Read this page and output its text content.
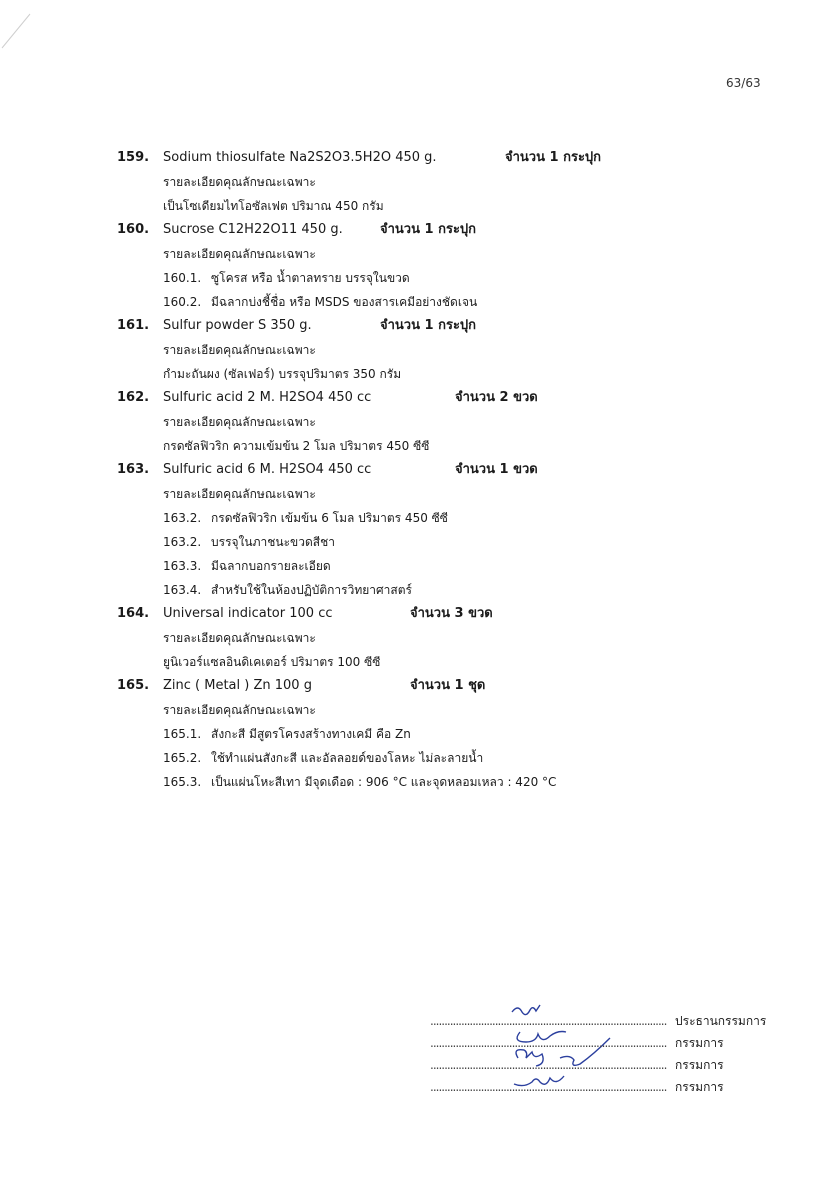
63/63
159. Sodium thiosulfate Na2S2O3.5H2O 450 g.	จำนวน 1 กระปุก
รายละเอียดคุณลักษณะเฉพาะ
เป็นโซเดียมไทโอซัลเฟต ปริมาณ 450 กรัม
160. Sucrose C12H22O11 450 g.	จำนวน 1 กระปุก
รายละเอียดคุณลักษณะเฉพาะ
160.1. ซูโครส หรือ น้ำตาลทราย บรรจุในขวด
160.2. มีฉลากบ่งชี้ชื่อ หรือ MSDS ของสารเคมีอย่างชัดเจน
161. Sulfur powder S 350 g.	จำนวน 1 กระปุก
รายละเอียดคุณลักษณะเฉพาะ
กำมะถันผง (ซัลเฟอร์) บรรจุปริมาตร 350 กรัม
162. Sulfuric acid 2 M. H2SO4 450 cc	จำนวน 2 ขวด
รายละเอียดคุณลักษณะเฉพาะ
กรดซัลฟิวริก ความเข้มข้น 2 โมล ปริมาตร 450 ซีซี
163. Sulfuric acid 6 M. H2SO4 450 cc	จำนวน 1 ขวด
รายละเอียดคุณลักษณะเฉพาะ
163.2. กรดซัลฟิวริก เข้มข้น 6 โมล ปริมาตร 450 ซีซี
163.2. บรรจุในภาชนะขวดสีชา
163.3. มีฉลากบอกรายละเอียด
163.4. สำหรับใช้ในห้องปฏิบัติการวิทยาศาสตร์
164. Universal indicator 100 cc	จำนวน 3 ขวด
รายละเอียดคุณลักษณะเฉพาะ
ยูนิเวอร์แซลอินดิเคเตอร์ ปริมาตร 100 ซีซี
165. Zinc ( Metal ) Zn 100 g	จำนวน 1 ชุด
รายละเอียดคุณลักษณะเฉพาะ
165.1. สังกะสี มีสูตรโครงสร้างทางเคมี คือ Zn
165.2. ใช้ทำแผ่นสังกะสี และอัลลอยด์ของโลหะ ไม่ละลายน้ำ
165.3. เป็นแผ่นโหะสีเทา มีจุดเดือด : 906 °C และจุดหลอมเหลว : 420 °C
.................................................................................... ประธานกรรมการ
.................................................................................... กรรมการ
.................................................................................... กรรมการ
.................................................................................... กรรมการ
